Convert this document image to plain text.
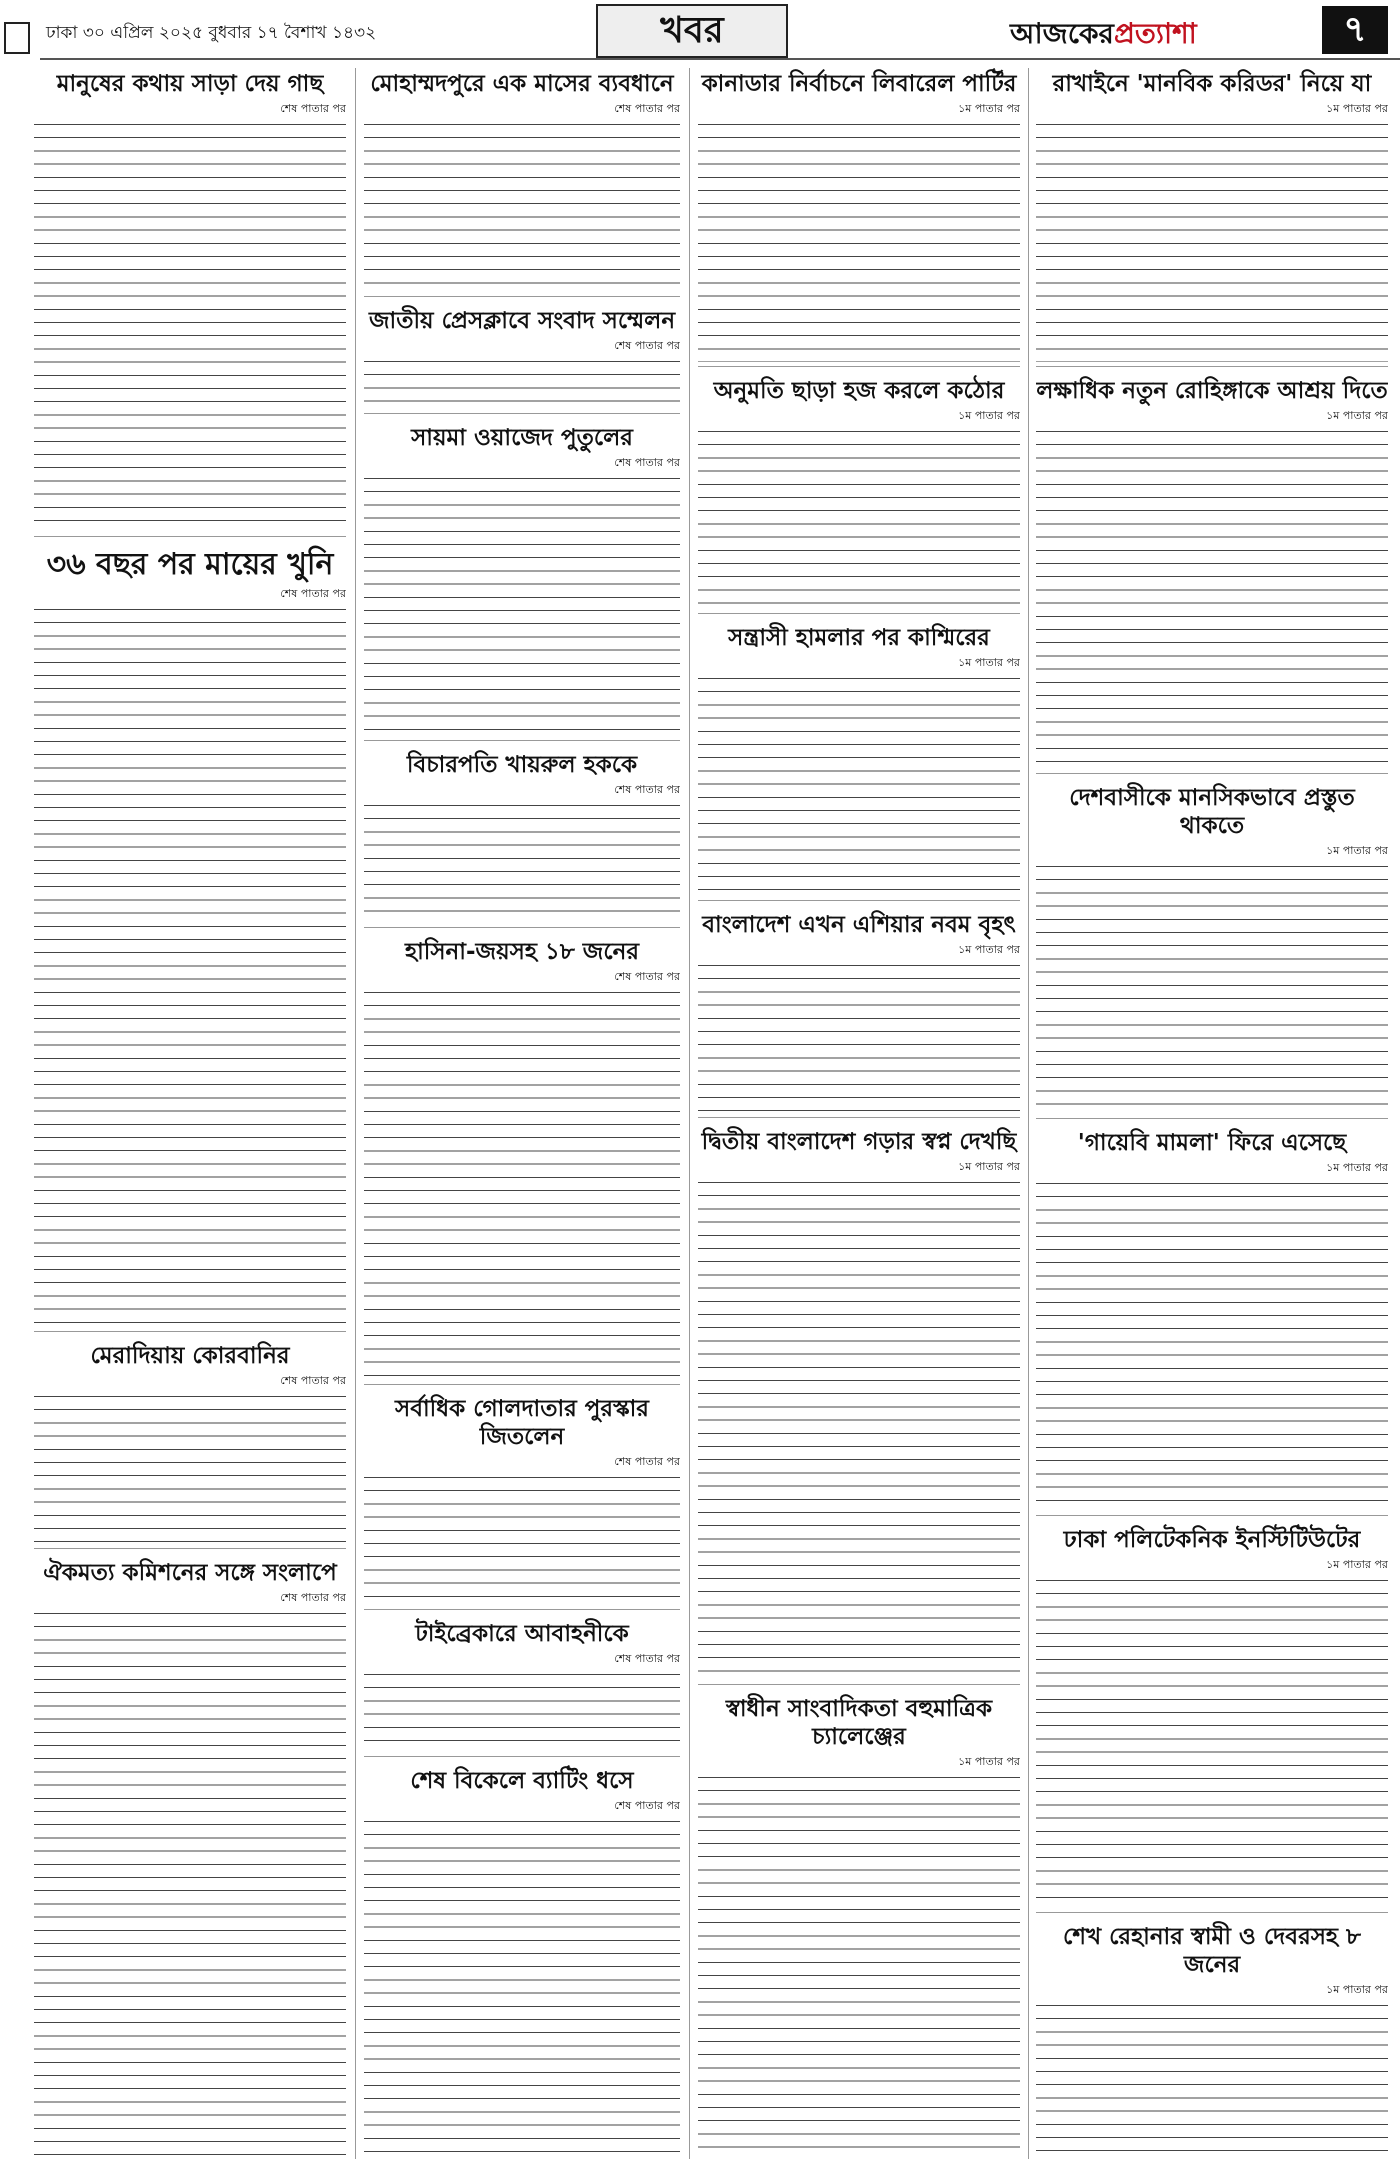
ঢাকা ৩০ এপ্রিল ২০২৫ বুধবার ১৭ বৈশাখ ১৪৩২	খবর	আজকেরপ্রত্যাশা	৭
মানুষের কথায় সাড়া দেয় গাছ
শেষ পাতার পর
৩৬ বছর পর মায়ের খুনি
শেষ পাতার পর
মেরাদিয়ায় কোরবানির
শেষ পাতার পর
ঐকমত্য কমিশনের সঙ্গে সংলাপে
শেষ পাতার পর
মোহাম্মদপুরে এক মাসের ব্যবধানে
শেষ পাতার পর
জাতীয় প্রেসক্লাবে সংবাদ সম্মেলন
শেষ পাতার পর
সায়মা ওয়াজেদ পুতুলের
শেষ পাতার পর
বিচারপতি খায়রুল হককে
শেষ পাতার পর
হাসিনা-জয়সহ ১৮ জনের
শেষ পাতার পর
সর্বাধিক গোলদাতার পুরস্কার জিতলেন
শেষ পাতার পর
টাইব্রেকারে আবাহনীকে
শেষ পাতার পর
শেষ বিকেলে ব্যাটিং ধসে
শেষ পাতার পর
কানাডার নির্বাচনে লিবারেল পার্টির
১ম পাতার পর
অনুমতি ছাড়া হজ করলে কঠোর
১ম পাতার পর
সন্ত্রাসী হামলার পর কাশ্মিরের
১ম পাতার পর
বাংলাদেশ এখন এশিয়ার নবম বৃহৎ
১ম পাতার পর
দ্বিতীয় বাংলাদেশ গড়ার স্বপ্ন দেখছি
১ম পাতার পর
স্বাধীন সাংবাদিকতা বহুমাত্রিক চ্যালেঞ্জের
১ম পাতার পর
রাখাইনে 'মানবিক করিডর' নিয়ে যা
১ম পাতার পর
লক্ষাধিক নতুন রোহিঙ্গাকে আশ্রয় দিতে
১ম পাতার পর
দেশবাসীকে মানসিকভাবে প্রস্তুত থাকতে
১ম পাতার পর
'গায়েবি মামলা' ফিরে এসেছে
১ম পাতার পর
ঢাকা পলিটেকনিক ইনস্টিটিউটের
১ম পাতার পর
শেখ রেহানার স্বামী ও দেবরসহ ৮ জনের
১ম পাতার পর
